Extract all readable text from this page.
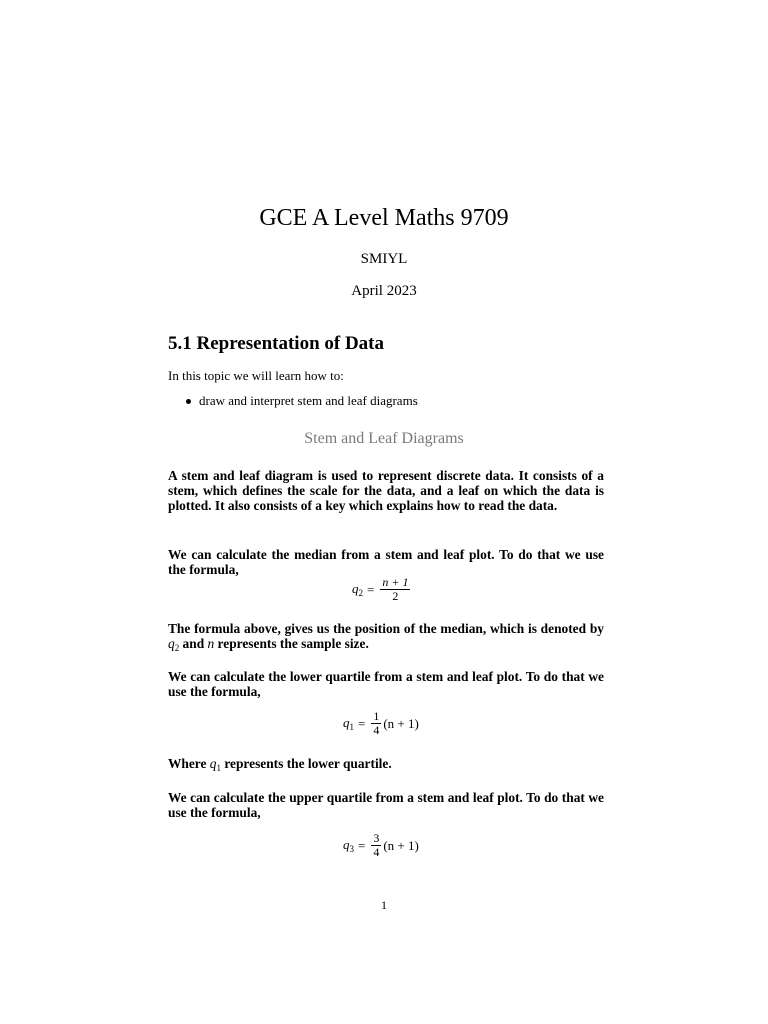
GCE A Level Maths 9709
SMIYL
April 2023
5.1 Representation of Data
In this topic we will learn how to:
draw and interpret stem and leaf diagrams
Stem and Leaf Diagrams
A stem and leaf diagram is used to represent discrete data. It consists of a stem, which defines the scale for the data, and a leaf on which the data is plotted. It also consists of a key which explains how to read the data.
We can calculate the median from a stem and leaf plot. To do that we use the formula,
$q_2 = \frac{n + 1}{2}$
The formula above, gives us the position of the median, which is denoted by $q_2$ and n represents the sample size.
We can calculate the lower quartile from a stem and leaf plot. To do that we use the formula,
$q_1 = \frac{1}{4} (n + 1)$
Where $q_1$ represents the lower quartile.
We can calculate the upper quartile from a stem and leaf plot. To do that we use the formula,
$q_3 = \frac{3}{4} (n + 1)$
1
